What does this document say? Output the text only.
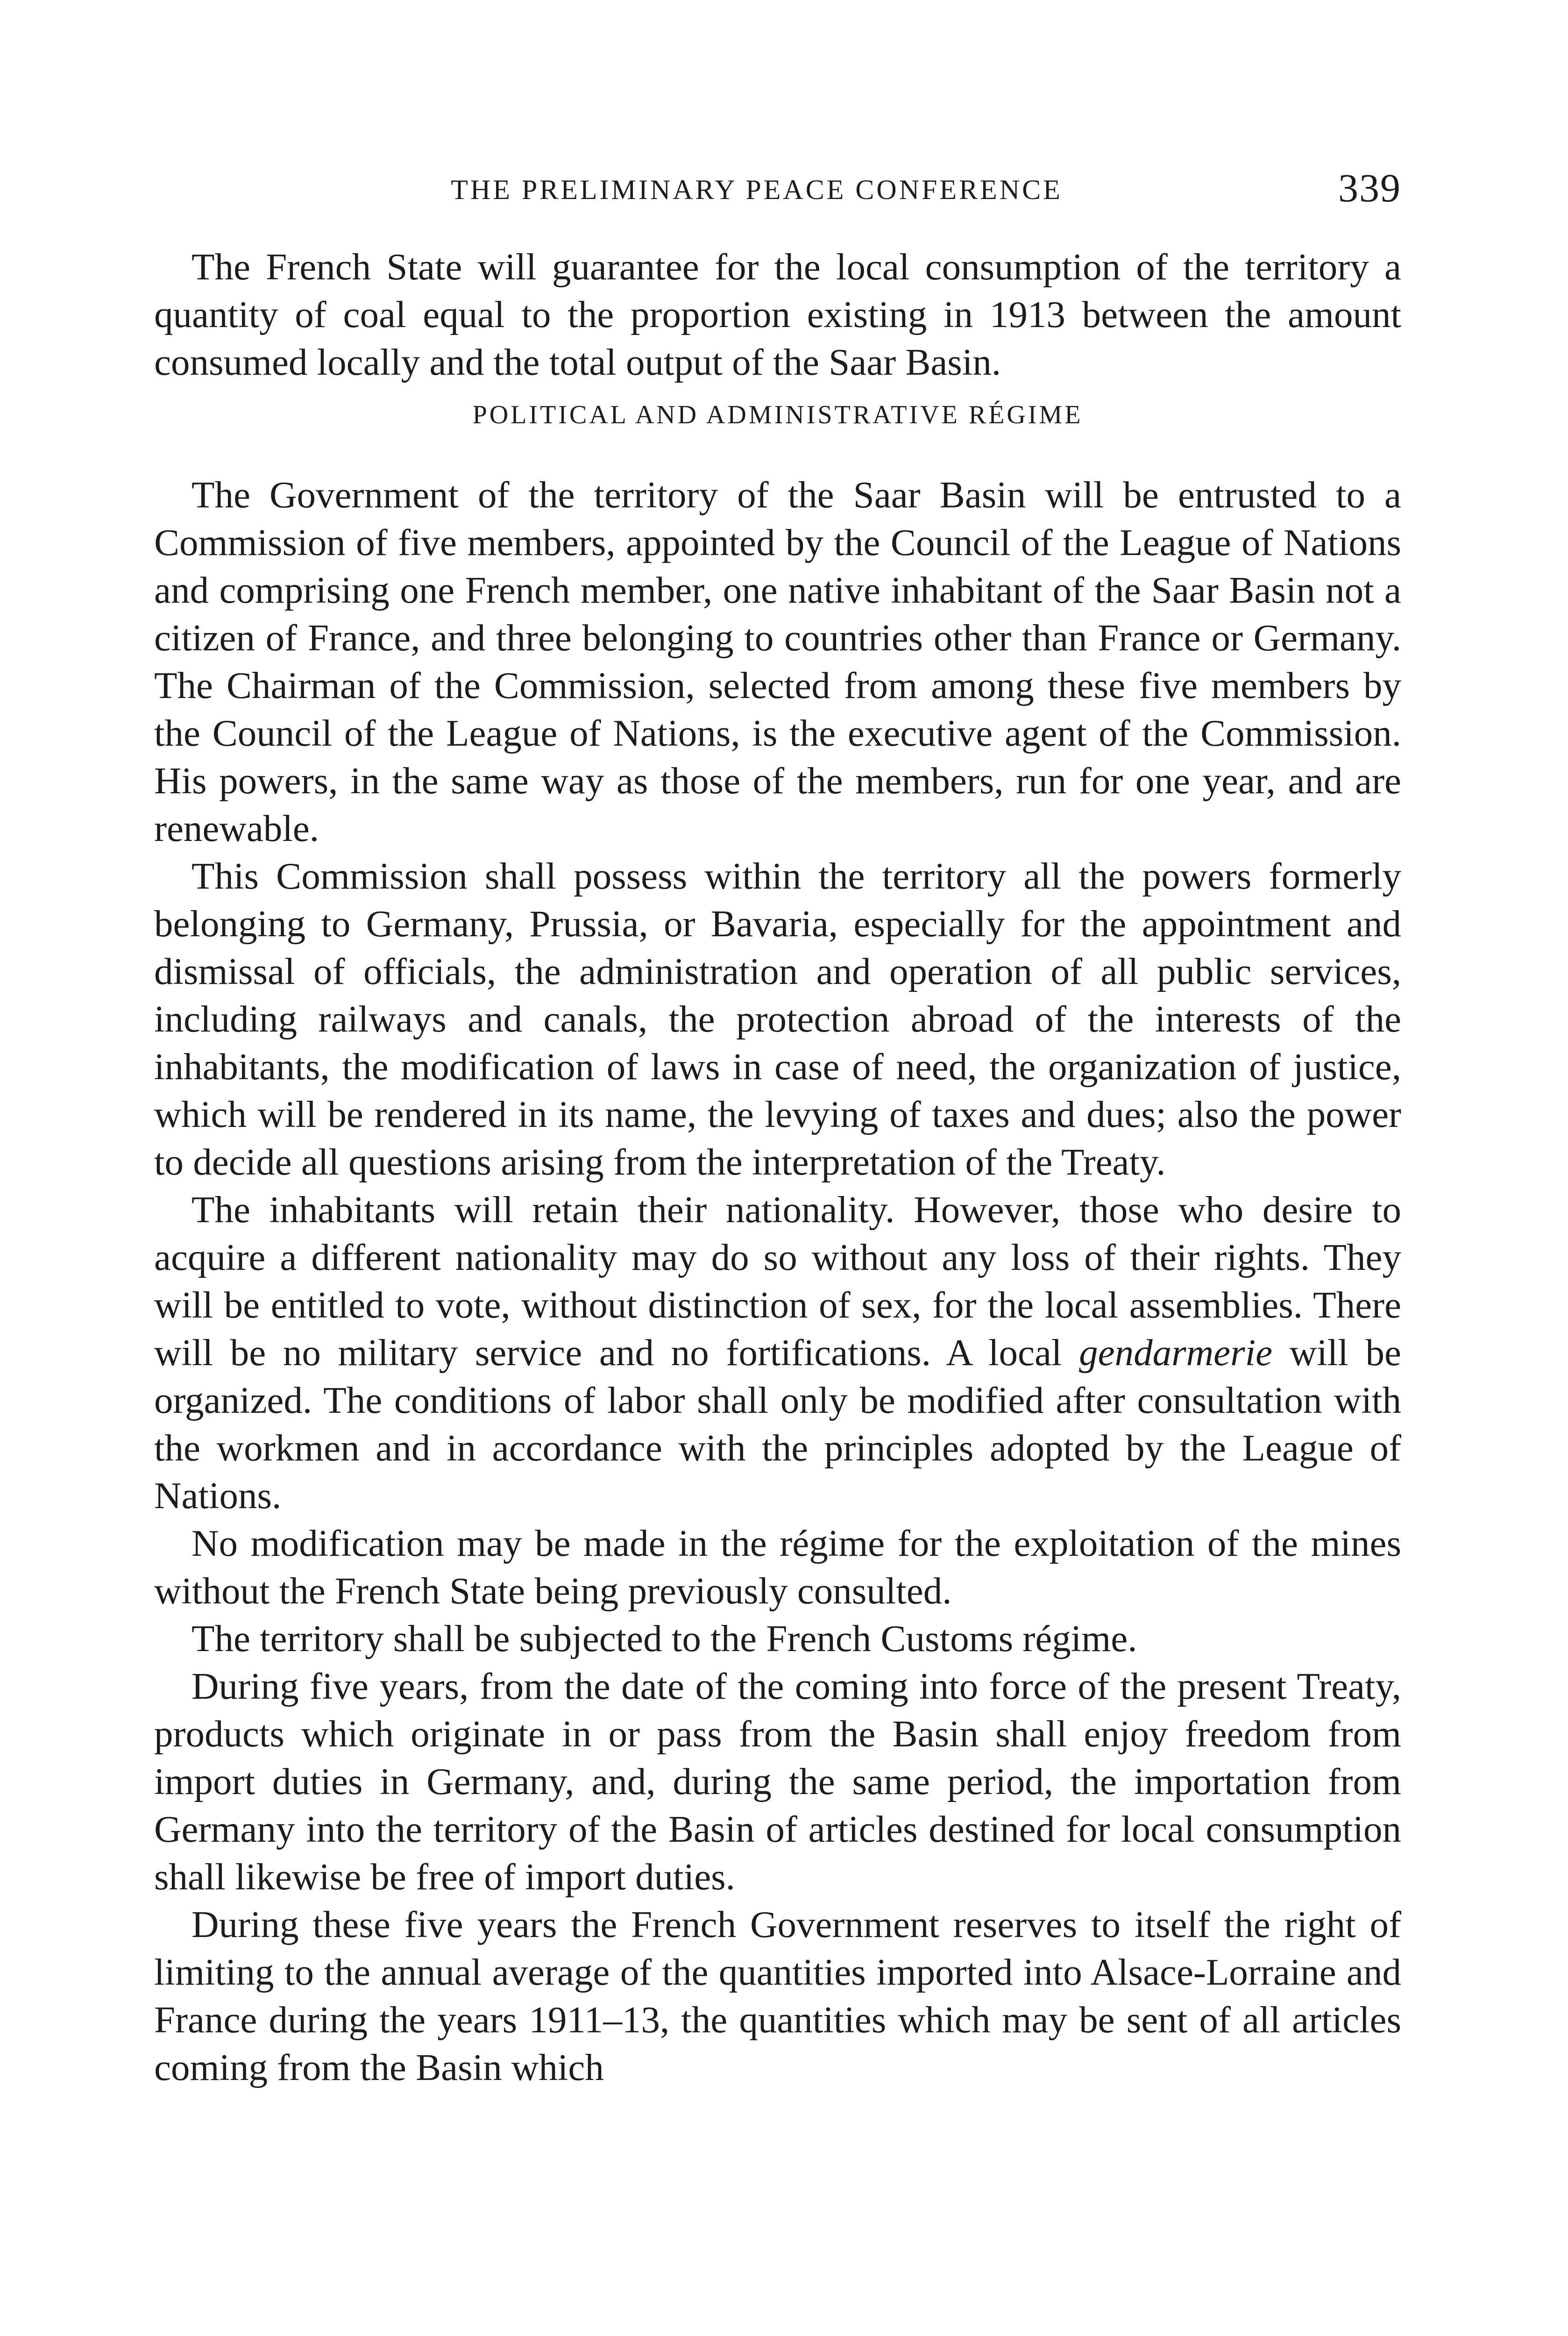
THE PRELIMINARY PEACE CONFERENCE	339

The French State will guarantee for the local consumption of the territory a quantity of coal equal to the proportion existing in 1913 between the amount consumed locally and the total output of the Saar Basin.

POLITICAL AND ADMINISTRATIVE RÉGIME

The Government of the territory of the Saar Basin will be entrusted to a Commission of five members, appointed by the Council of the League of Nations and comprising one French member, one native inhabitant of the Saar Basin not a citizen of France, and three belonging to countries other than France or Germany. The Chairman of the Commission, selected from among these five members by the Council of the League of Nations, is the executive agent of the Commission. His powers, in the same way as those of the members, run for one year, and are renewable.

This Commission shall possess within the territory all the powers formerly belonging to Germany, Prussia, or Bavaria, especially for the appointment and dismissal of officials, the administration and operation of all public services, including railways and canals, the protection abroad of the interests of the inhabitants, the modification of laws in case of need, the organization of justice, which will be rendered in its name, the levying of taxes and dues; also the power to decide all questions arising from the interpretation of the Treaty.

The inhabitants will retain their nationality. However, those who desire to acquire a different nationality may do so without any loss of their rights. They will be entitled to vote, without distinction of sex, for the local assemblies. There will be no military service and no fortifications. A local gendarmerie will be organized. The conditions of labor shall only be modified after consultation with the workmen and in accordance with the principles adopted by the League of Nations.

No modification may be made in the régime for the exploitation of the mines without the French State being previously consulted.

The territory shall be subjected to the French Customs régime.

During five years, from the date of the coming into force of the present Treaty, products which originate in or pass from the Basin shall enjoy freedom from import duties in Germany, and, during the same period, the importation from Germany into the territory of the Basin of articles destined for local consumption shall likewise be free of import duties.

During these five years the French Government reserves to itself the right of limiting to the annual average of the quantities imported into Alsace-Lorraine and France during the years 1911–13, the quantities which may be sent of all articles coming from the Basin which
